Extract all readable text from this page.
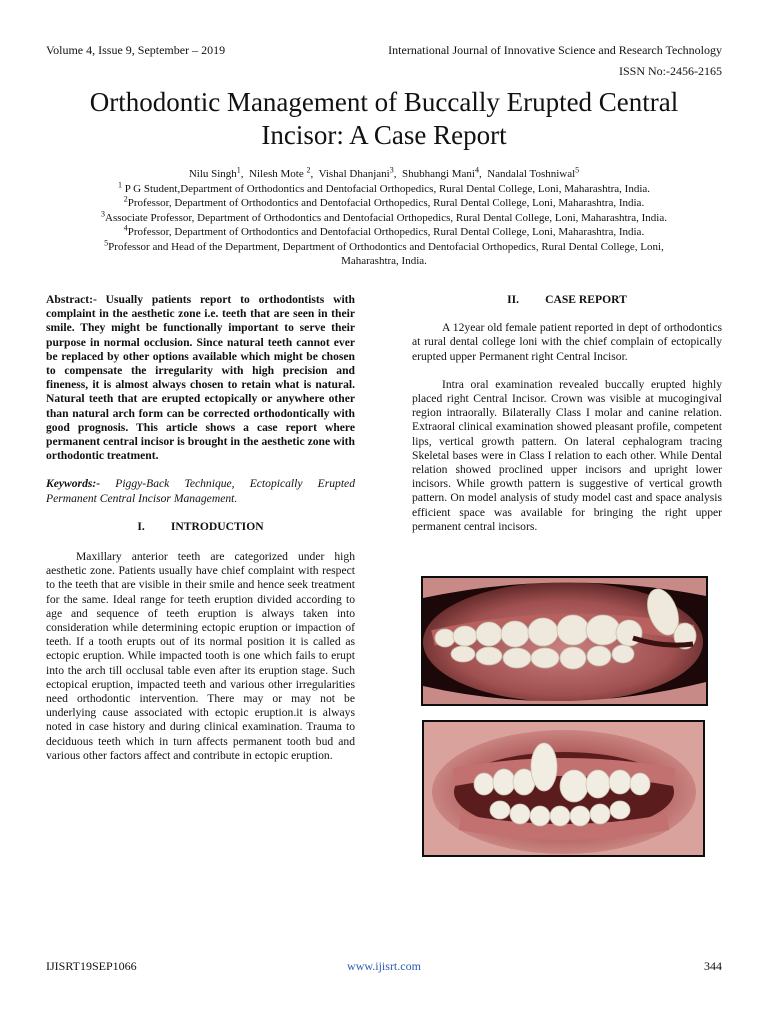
Volume 4, Issue 9, September – 2019	International Journal of Innovative Science and Research Technology
ISSN No:-2456-2165
Orthodontic Management of Buccally Erupted Central
Incisor: A Case Report
Nilu Singh$^1$,  Nilesh Mote $^2$,  Vishal Dhanjani$^3$,  Shubhangi Mani$^4$,  Nandalal Toshniwal$^5$
$^1$ P G Student,Department of Orthodontics and Dentofacial Orthopedics, Rural Dental College, Loni, Maharashtra, India.
$^2$Professor, Department of Orthodontics and Dentofacial Orthopedics, Rural Dental College, Loni, Maharashtra, India.
$^3$Associate Professor, Department of Orthodontics and Dentofacial Orthopedics, Rural Dental College, Loni, Maharashtra, India.
$^4$Professor, Department of Orthodontics and Dentofacial Orthopedics, Rural Dental College, Loni, Maharashtra, India.
$^5$Professor and Head of the Department, Department of Orthodontics and Dentofacial Orthopedics, Rural Dental College, Loni,
Maharashtra, India.

Abstract:- Usually patients report to orthodontists with complaint in the aesthetic zone i.e. teeth that are seen in their smile. They might be functionally important to serve their purpose in normal occlusion. Since natural teeth cannot ever be replaced by other options available which might be chosen to compensate the irregularity with high precision and fineness, it is almost always chosen to retain what is natural. Natural teeth that are erupted ectopically or anywhere other than natural arch form can be corrected orthodontically with good prognosis. This article shows a case report where permanent central incisor is brought in the aesthetic zone with orthodontic treatment.

Keywords:- Piggy-Back Technique, Ectopically Erupted Permanent Central Incisor Management.

I. INTRODUCTION

Maxillary anterior teeth are categorized under high aesthetic zone. Patients usually have chief complaint with respect to the teeth that are visible in their smile and hence seek treatment for the same. Ideal range for teeth eruption divided according to age and sequence of teeth eruption is always taken into consideration while determining ectopic eruption or impaction of teeth. If a tooth erupts out of its normal position it is called as ectopic eruption. While impacted tooth is one which fails to erupt into the arch till occlusal table even after its eruption stage. Such ectopical eruption, impacted teeth and various other irregularities need orthodontic intervention. There may or may not be underlying cause associated with ectopic eruption.it is always noted in case history and during clinical examination. Trauma to deciduous teeth which in turn affects permanent tooth bud and various other factors affect and contribute in ectopic eruption.

II. CASE REPORT

A 12year old female patient reported in dept of orthodontics at rural dental college loni with the chief complain of ectopically erupted upper Permanent right Central Incisor.

Intra oral examination revealed buccally erupted highly placed right Central Incisor. Crown was visible at mucogingival region intraorally. Bilaterally Class I molar and canine relation. Extraoral clinical examination showed pleasant profile, competent lips, vertical growth pattern. On lateral cephalogram tracing Skeletal bases were in Class I relation to each other. While Dental relation showed proclined upper incisors and upright lower incisors. While growth pattern is suggestive of vertical growth pattern. On model analysis of study model cast and space analysis efficient space was available for bringing the right upper permanent central incisors.

IJISRT19SEP1066	www.ijisrt.com	344
